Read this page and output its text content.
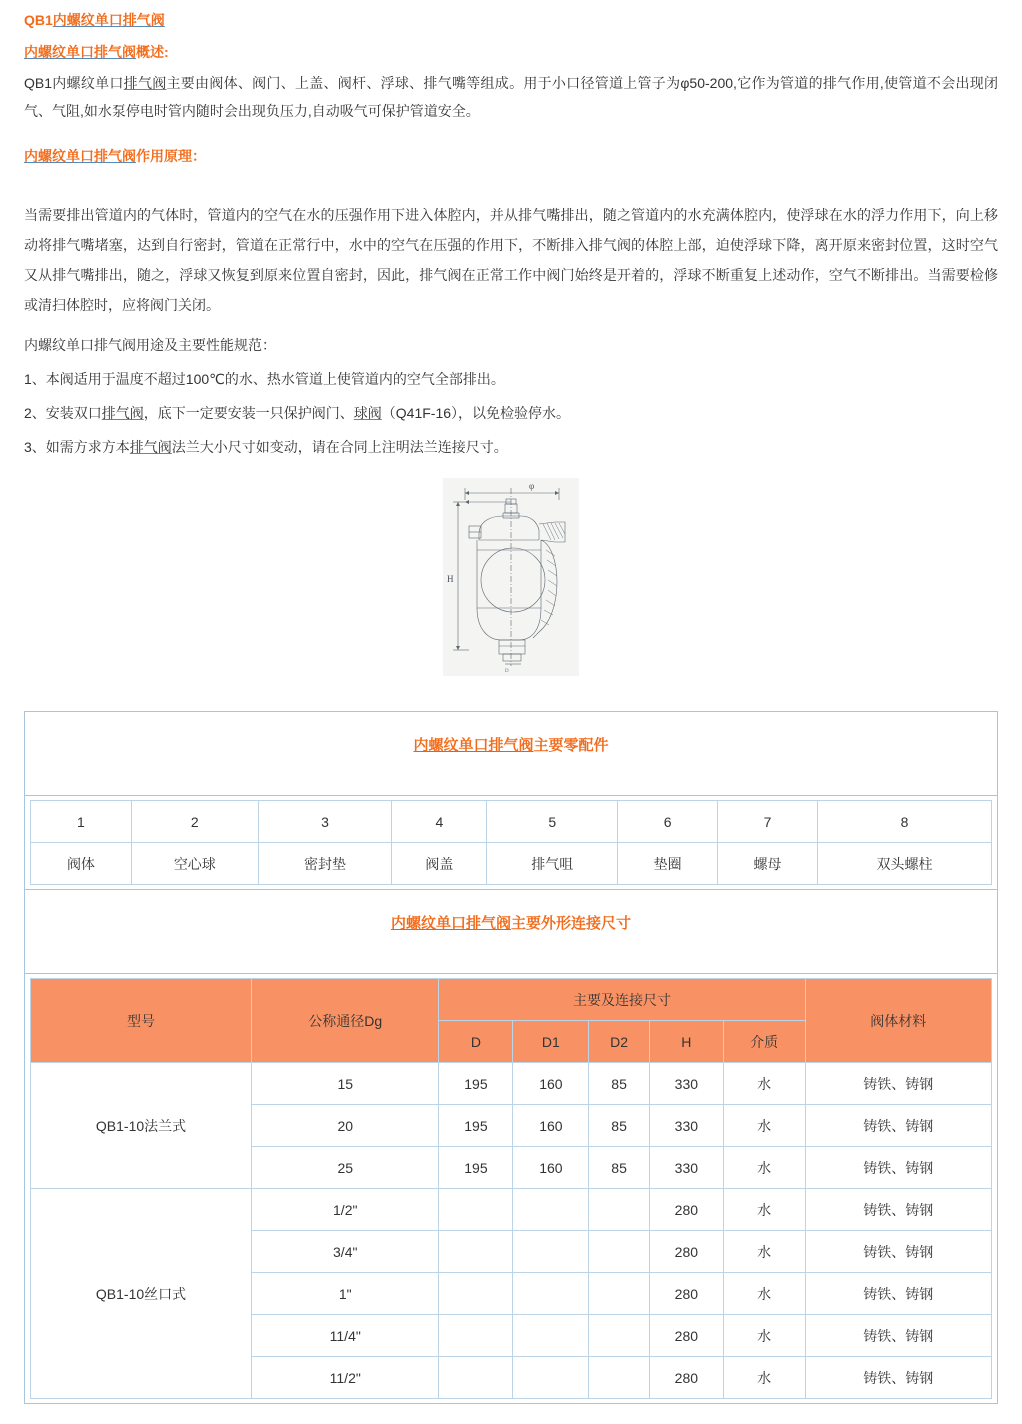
QB1内螺纹单口排气阀
内螺纹单口排气阀概述:

QB1内螺纹单口排气阀主要由阀体、阀门、上盖、阀杆、浮球、排气嘴等组成。用于小口径管道上管子为φ50-200,它作为管道的排气作用,使管道不会出现闭气、气阻,如水泵停电时管内随时会出现负压力,自动吸气可保护管道安全。

内螺纹单口排气阀作用原理：

当需要排出管道内的气体时，管道内的空气在水的压强作用下进入体腔内，并从排气嘴排出，随之管道内的水充满体腔内，使浮球在水的浮力作用下，向上移动将排气嘴堵塞，达到自行密封，管道在正常行中，水中的空气在压强的作用下，不断排入排气阀的体腔上部，迫使浮球下降，离开原来密封位置，这时空气又从排气嘴排出，随之，浮球又恢复到原来位置自密封，因此，排气阀在正常工作中阀门始终是开着的，浮球不断重复上述动作，空气不断排出。当需要检修或清扫体腔时，应将阀门关闭。

内螺纹单口排气阀用途及主要性能规范：

1、本阀适用于温度不超过100℃的水、热水管道上使管道内的空气全部排出。

2、安装双口排气阀，底下一定要安装一只保护阀门、球阀（Q41F-16），以免检验停水。

3、如需方求方本排气阀法兰大小尺寸如变动，请在合同上注明法兰连接尺寸。

φ
H
D
内螺纹单口排气阀主要零配件
1	2	3	4	5	6	7	8
阀体	空心球	密封垫	阀盖	排气咀	垫圈	螺母	双头螺柱
内螺纹单口排气阀主要外形连接尺寸
型号	公称通径Dg	主要及连接尺寸					阀体材料
		D	D1	D2	H	介质	
QB1-10法兰式	15	195	160	85	330	水	铸铁、铸钢
	20	195	160	85	330	水	铸铁、铸钢
	25	195	160	85	330	水	铸铁、铸钢
QB1-10丝口式	1/2"				280	水	铸铁、铸钢
	3/4"				280	水	铸铁、铸钢
	1"				280	水	铸铁、铸钢
	11/4"				280	水	铸铁、铸钢
	11/2"				280	水	铸铁、铸钢
